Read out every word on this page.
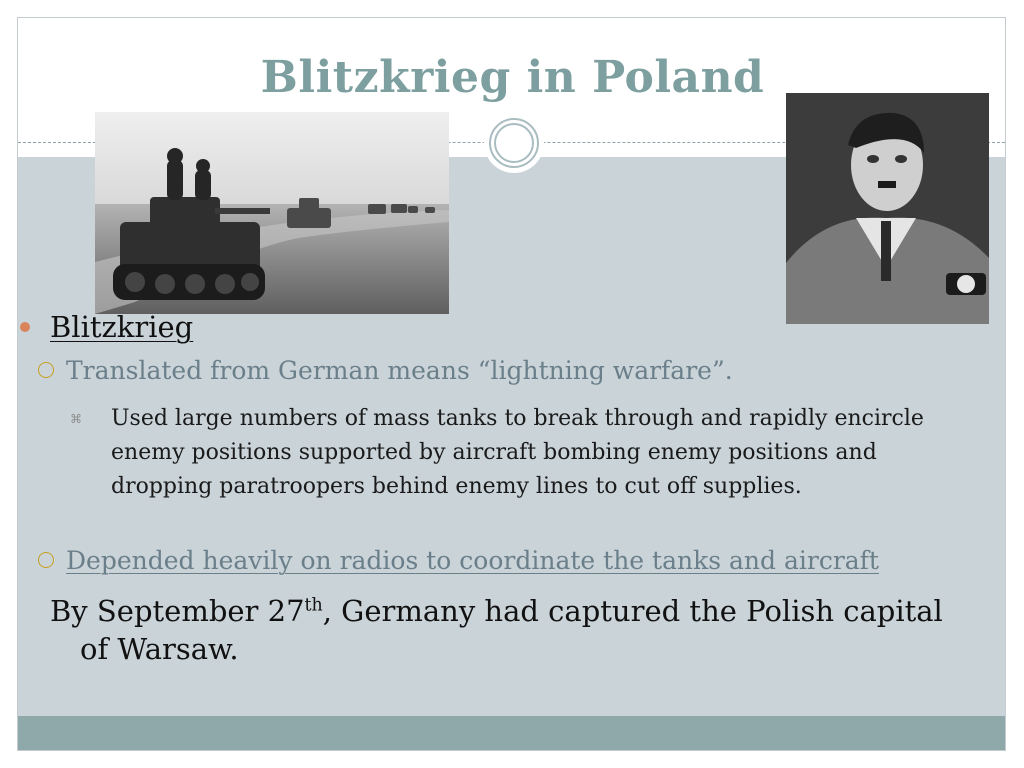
Blitzkrieg in Poland

Blitzkrieg

Translated from German means “lightning warfare”.

⌘	Used large numbers of mass tanks to break through and rapidly encircle enemy positions supported by aircraft bombing enemy positions and dropping paratroopers behind enemy lines to cut off supplies.

Depended heavily on radios to coordinate the tanks and aircraft

By September 27th, Germany had captured the Polish capital of Warsaw.
